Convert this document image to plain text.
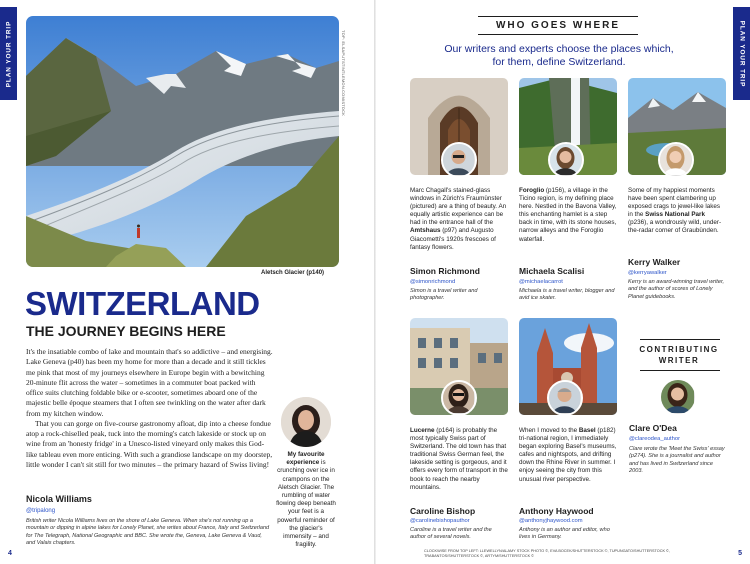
PLAN YOUR TRIP	TOP: ELSAPUTSTINTLEMON.COM/STOCK
Aletsch Glacier (p140)
SWITZERLAND
THE JOURNEY BEGINS HERE

It's the insatiable combo of lake and mountain that's so addictive – and energising. Lake Geneva (p40) has been my home for more than a decade and it still tickles me pink that most of my journeys elsewhere in Europe begin with a bewitching 20-minute flit across the water – sometimes in a commuter boat packed with office suits clutching foldable bike or e-scooter, sometimes aboard one of the majestic belle époque steamers that I often see twinkling on the water after dark from my kitchen window.

That you can gorge on five-course gastronomy afloat, dip into a cheese fondue atop a rock-chiselled peak, tuck into the morning's catch lakeside or stock up on wine from an 'honesty fridge' in a Unesco-listed vineyard only makes this God-like tableau even more enticing. With such a grandiose landscape on my doorstep, little wonder I can't sit still for two minutes – the primary hazard of Swiss living!

Nicola Williams
@tripalong
British writer Nicola Williams lives on the shore of Lake Geneva. When she's not running up a mountain or dipping in alpine lakes for Lonely Planet, she writes about France, Italy and Switzerland for The Telegraph, National Geographic and BBC. She wrote the, Geneva, Lake Geneva & Vaud, and Valais chapters.
My favourite experience is crunching over ice in crampons on the Aletsch Glacier. The rumbling of water flowing deep beneath your feet is a powerful reminder of the glacier's immensity – and fragility.
4
PLAN YOUR TRIP
WHO GOES WHERE
Our writers and experts choose the places which, for them, define Switzerland.
Marc Chagall's stained-glass windows in Zürich's Fraumünster (pictured) are a thing of beauty. An equally artistic experience can be had in the entrance hall of the Amtshaus (p97) and Augusto Giacometti's 1920s frescoes of fantasy flowers.
Simon Richmond
@simonrichmond
Simon is a travel writer and photographer.
Foroglio (p156), a village in the Ticino region, is my defining place here. Nestled in the Bavona Valley, this enchanting hamlet is a step back in time, with its stone houses, narrow alleys and the Foroglio waterfall.
Michaela Scalisi
@michaelacarrot
Michaela is a travel writer, blogger and avid ice skater.
Some of my happiest moments have been spent clambering up exposed crags to jewel-like lakes in the Swiss National Park (p236), a wondrously wild, under-the-radar corner of Graubünden.
Kerry Walker
@kerryawalker
Kerry is an award-winning travel writer, and the author of scores of Lonely Planet guidebooks.
Lucerne (p164) is probably the most typically Swiss part of Switzerland. The old town has that traditional Swiss German feel, the lakeside setting is gorgeous, and it offers every form of transport in the book to reach the nearby mountains.
Caroline Bishop
@carolinebishopauthor
Caroline is a travel writer and the author of several novels.
When I moved to the Basel (p182) tri-national region, I immediately began exploring Basel's museums, cafes and nightspots, and drifting down the Rhine River in summer. I enjoy seeing the city from this unusual river perspective.
Anthony Haywood
@anthonyjhaywood.com
Anthony is an author and editor, who lives in Germany.
CONTRIBUTING WRITER
Clare O'Dea
@clareodea_author
Clare wrote the 'Meet the Swiss' essay (p274). She is a journalist and author and has lived in Switzerland since 2003.
CLOCKWISE FROM TOP LEFT: LLEWELLYN/ALAMY STOCK PHOTO ©, EVA BOCEK/SHUTTERSTOCK ©, TUPUNGATO/SHUTTERSTOCK ©, TRABANTOS/SHUTTERSTOCK ©, ARTYM/SHUTTERSTOCK ©	5
